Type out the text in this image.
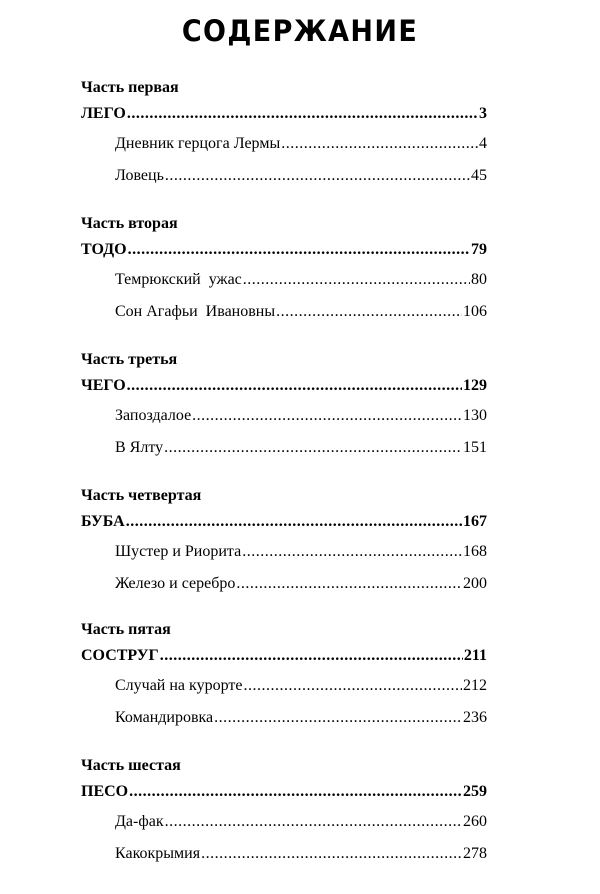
СОДЕРЖАНИЕ
Часть первая
ЛЕГО .....	3
Дневник герцога Лермы .....	4
Ловець .....	45
Часть вторая
ТОДО .....	79
Темрюкский  ужас .....	80
Сон Агафьи  Ивановны .....	106
Часть третья
ЧЕГО .....	129
Запоздалое .....	130
В Ялту .....	151
Часть четвертая
БУБА .....	167
Шустер и Риорита .....	168
Железо и серебро .....	200
Часть пятая
СОСТРУГ .....	211
Случай на курорте .....	212
Командировка .....	236
Часть шестая
ПЕСО .....	259
Да-фак .....	260
Какокрымия .....	278
